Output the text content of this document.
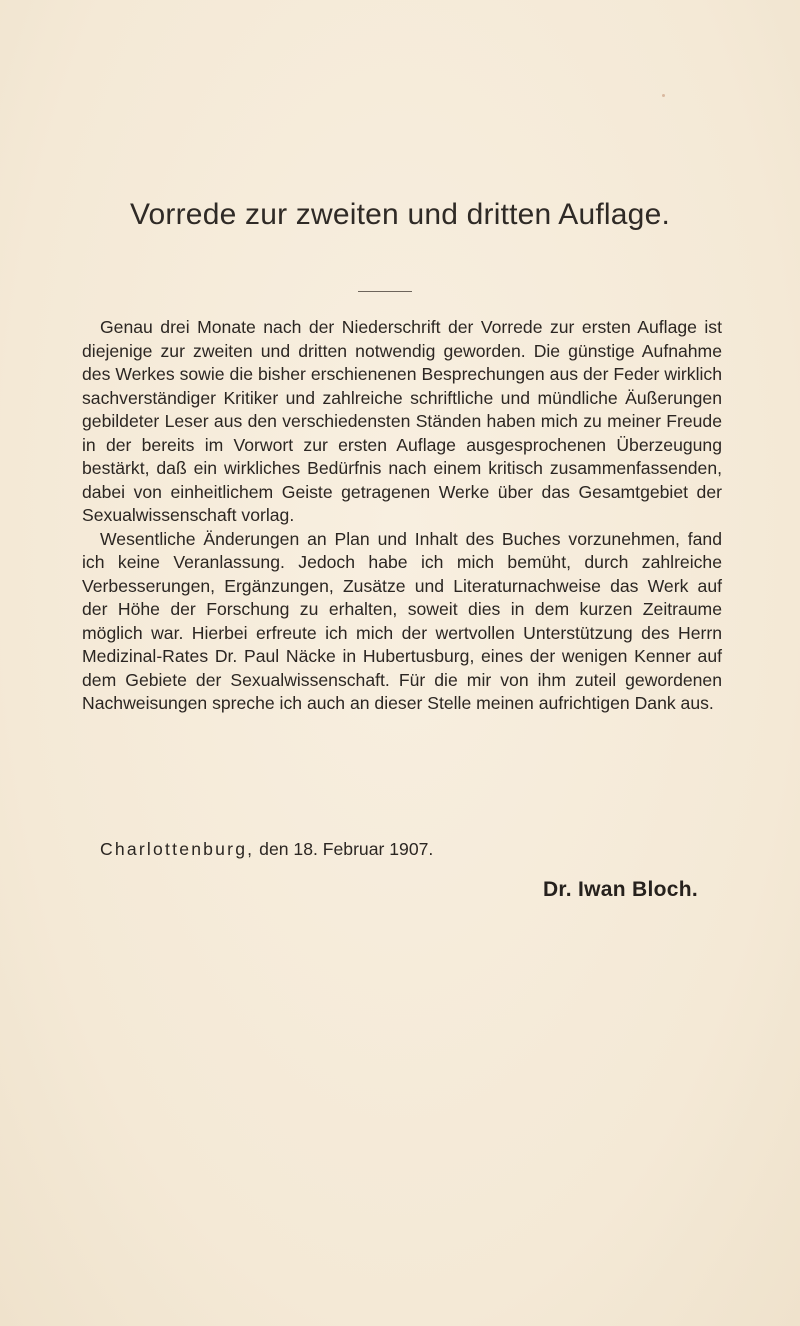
Vorrede zur zweiten und dritten Auflage.

Genau drei Monate nach der Niederschrift der Vorrede zur ersten Auflage ist diejenige zur zweiten und dritten notwendig geworden. Die günstige Aufnahme des Werkes sowie die bisher erschienenen Besprechungen aus der Feder wirklich sachverständiger Kritiker und zahlreiche schriftliche und mündliche Äußerungen gebildeter Leser aus den verschiedensten Ständen haben mich zu meiner Freude in der bereits im Vorwort zur ersten Auflage ausgesprochenen Überzeugung bestärkt, daß ein wirkliches Bedürfnis nach einem kritisch zusammenfassenden, dabei von einheitlichem Geiste getragenen Werke über das Gesamtgebiet der Sexualwissenschaft vorlag.

Wesentliche Änderungen an Plan und Inhalt des Buches vorzunehmen, fand ich keine Veranlassung. Jedoch habe ich mich bemüht, durch zahlreiche Verbesserungen, Ergänzungen, Zusätze und Literaturnachweise das Werk auf der Höhe der Forschung zu erhalten, soweit dies in dem kurzen Zeitraume möglich war. Hierbei erfreute ich mich der wertvollen Unterstützung des Herrn Medizinal-Rates Dr. Paul Näcke in Hubertusburg, eines der wenigen Kenner auf dem Gebiete der Sexualwissenschaft. Für die mir von ihm zuteil gewordenen Nachweisungen spreche ich auch an dieser Stelle meinen aufrichtigen Dank aus.

Charlottenburg, den 18. Februar 1907.
Dr. Iwan Bloch.
